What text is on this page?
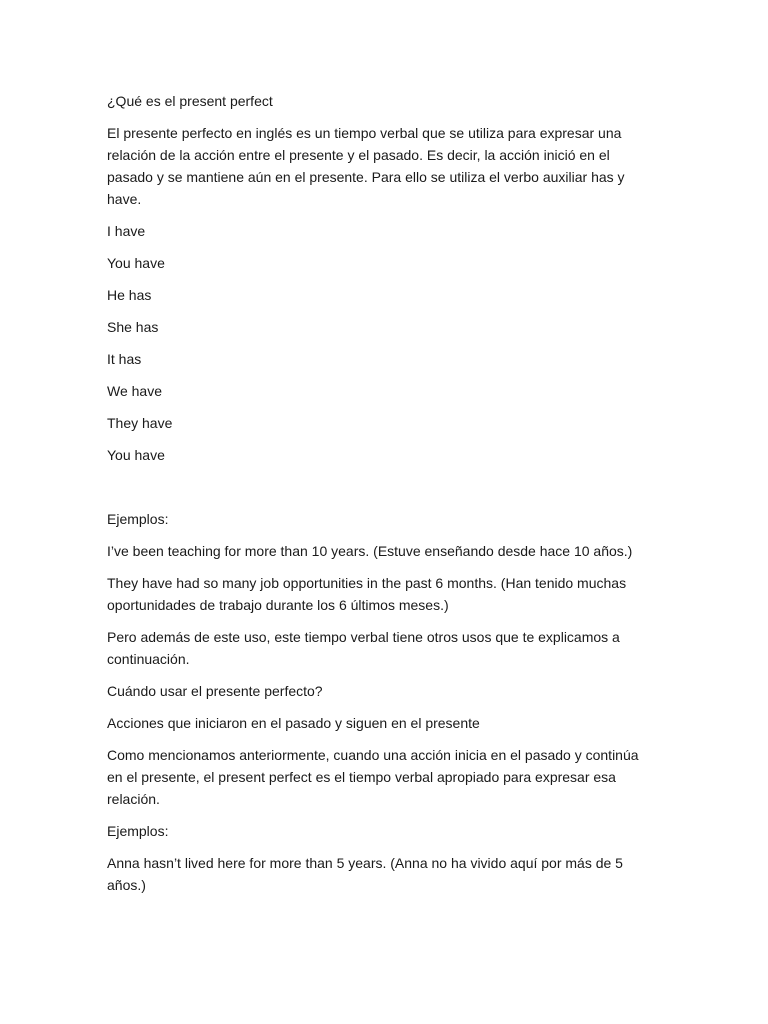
¿Qué es el present perfect

El presente perfecto en inglés es un tiempo verbal que se utiliza para expresar una relación de la acción entre el presente y el pasado. Es decir, la acción inició en el pasado y se mantiene aún en el presente. Para ello se utiliza el verbo auxiliar has y have.

I have

You have

He has

She has

It has

We have

They have

You have

Ejemplos:

I’ve been teaching for more than 10 years. (Estuve enseñando desde hace 10 años.)

They have had so many job opportunities in the past 6 months. (Han tenido muchas oportunidades de trabajo durante los 6 últimos meses.)

Pero además de este uso, este tiempo verbal tiene otros usos que te explicamos a continuación.

Cuándo usar el presente perfecto?

Acciones que iniciaron en el pasado y siguen en el presente

Como mencionamos anteriormente, cuando una acción inicia en el pasado y continúa en el presente, el present perfect es el tiempo verbal apropiado para expresar esa relación.

Ejemplos:

Anna hasn’t lived here for more than 5 years. (Anna no ha vivido aquí por más de 5 años.)
